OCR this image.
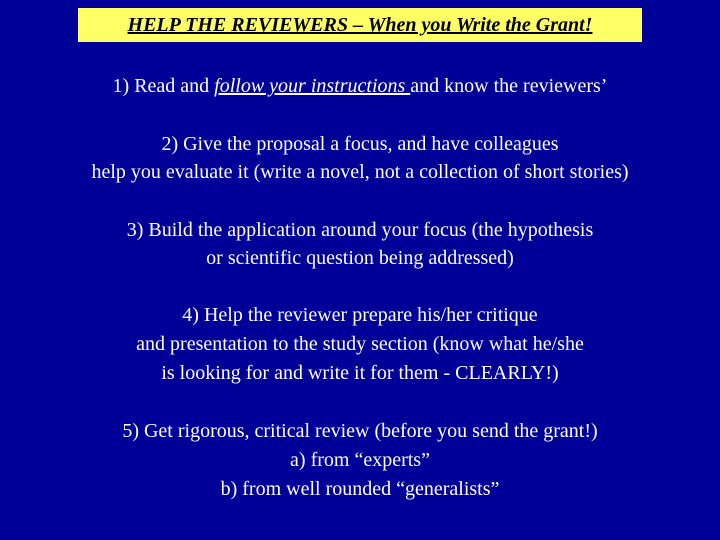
HELP THE REVIEWERS – When you Write the Grant!
1) Read and follow your instructions and know the reviewers’
2) Give the proposal a focus, and have colleagues
help you evaluate it (write a novel, not a collection of short stories)
3) Build the application around your focus (the hypothesis
or scientific question being addressed)
4) Help the reviewer prepare his/her critique
and presentation to the study section (know what he/she
is looking for and write it for them - CLEARLY!)
5) Get rigorous, critical review (before you send the grant!)
a) from “experts”
b) from well rounded “generalists”
